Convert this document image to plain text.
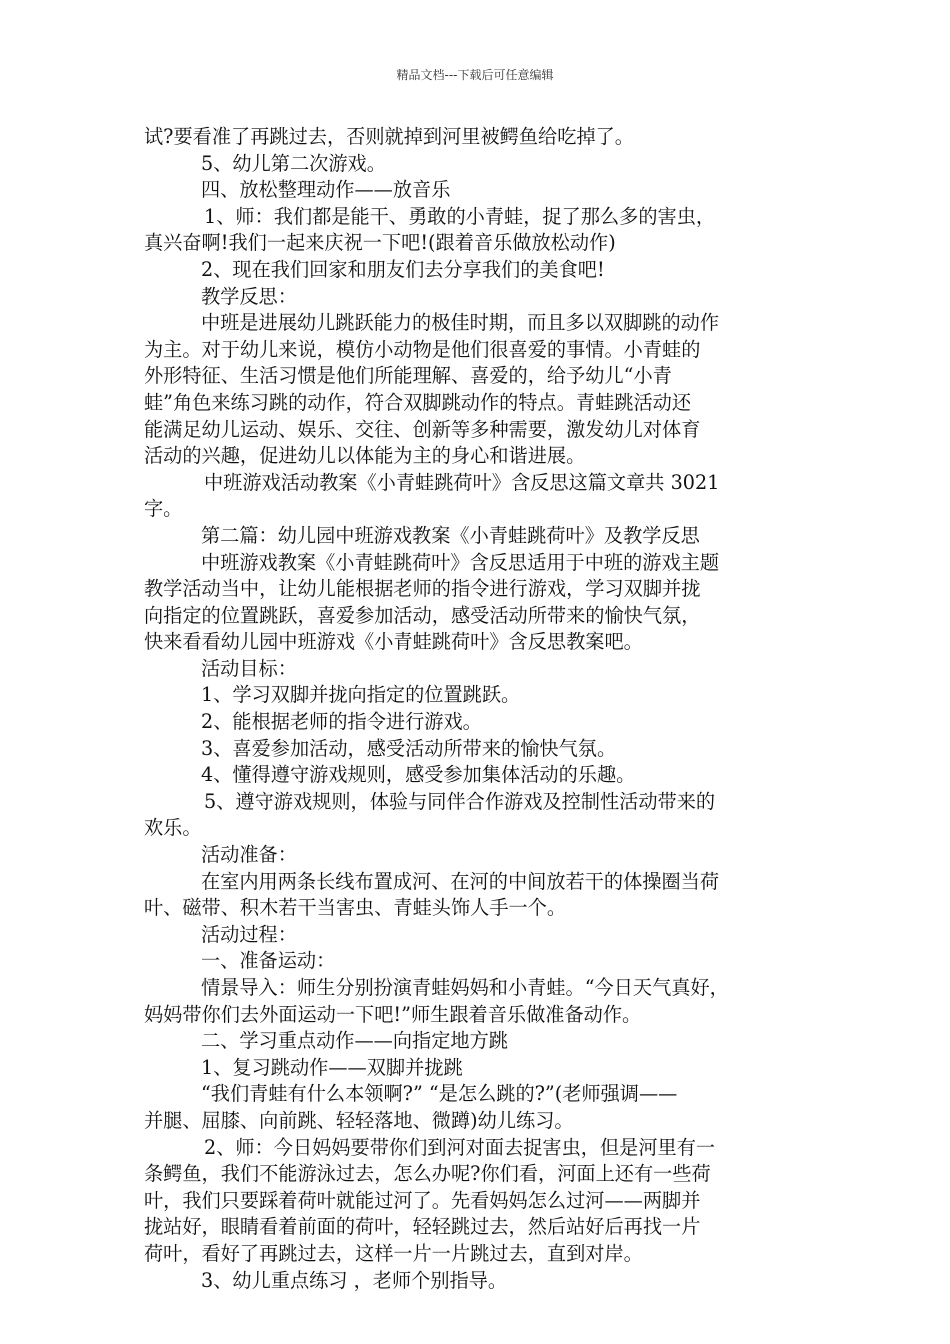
精品文档---下载后可任意编辑

试?要看准了再跳过去，否则就掉到河里被鳄鱼给吃掉了。

5、幼儿第二次游戏。

四、放松整理动作——放音乐

1、师：我们都是能干、勇敢的小青蛙，捉了那么多的害虫，

真兴奋啊!我们一起来庆祝一下吧!(跟着音乐做放松动作)

2、现在我们回家和朋友们去分享我们的美食吧!

教学反思：

中班是进展幼儿跳跃能力的极佳时期，而且多以双脚跳的动作

为主。对于幼儿来说，模仿小动物是他们很喜爱的事情。小青蛙的

外形特征、生活习惯是他们所能理解、喜爱的，给予幼儿“小青

蛙”角色来练习跳的动作，符合双脚跳动作的特点。青蛙跳活动还

能满足幼儿运动、娱乐、交往、创新等多种需要，激发幼儿对体育

活动的兴趣，促进幼儿以体能为主的身心和谐进展。

中班游戏活动教案《小青蛙跳荷叶》含反思这篇文章共 3021

字。

第二篇：幼儿园中班游戏教案《小青蛙跳荷叶》及教学反思

中班游戏教案《小青蛙跳荷叶》含反思适用于中班的游戏主题

教学活动当中，让幼儿能根据老师的指令进行游戏，学习双脚并拢

向指定的位置跳跃，喜爱参加活动，感受活动所带来的愉快气氛，

快来看看幼儿园中班游戏《小青蛙跳荷叶》含反思教案吧。

活动目标：

1、学习双脚并拢向指定的位置跳跃。

2、能根据老师的指令进行游戏。

3、喜爱参加活动，感受活动所带来的愉快气氛。

4、懂得遵守游戏规则，感受参加集体活动的乐趣。

5、遵守游戏规则，体验与同伴合作游戏及控制性活动带来的

欢乐。

活动准备：

在室内用两条长线布置成河、在河的中间放若干的体操圈当荷

叶、磁带、积木若干当害虫、青蛙头饰人手一个。

活动过程：

一、准备运动：

情景导入：师生分别扮演青蛙妈妈和小青蛙。“今日天气真好，

妈妈带你们去外面运动一下吧!”师生跟着音乐做准备动作。

二、学习重点动作——向指定地方跳

1、复习跳动作——双脚并拢跳

“我们青蛙有什么本领啊?” “是怎么跳的?”(老师强调——

并腿、屈膝、向前跳、轻轻落地、微蹲)幼儿练习。

2、师：今日妈妈要带你们到河对面去捉害虫，但是河里有一

条鳄鱼，我们不能游泳过去，怎么办呢?你们看，河面上还有一些荷

叶，我们只要踩着荷叶就能过河了。先看妈妈怎么过河——两脚并

拢站好，眼睛看着前面的荷叶，轻轻跳过去，然后站好后再找一片

荷叶，看好了再跳过去，这样一片一片跳过去，直到对岸。

3、幼儿重点练习 ，老师个别指导。
